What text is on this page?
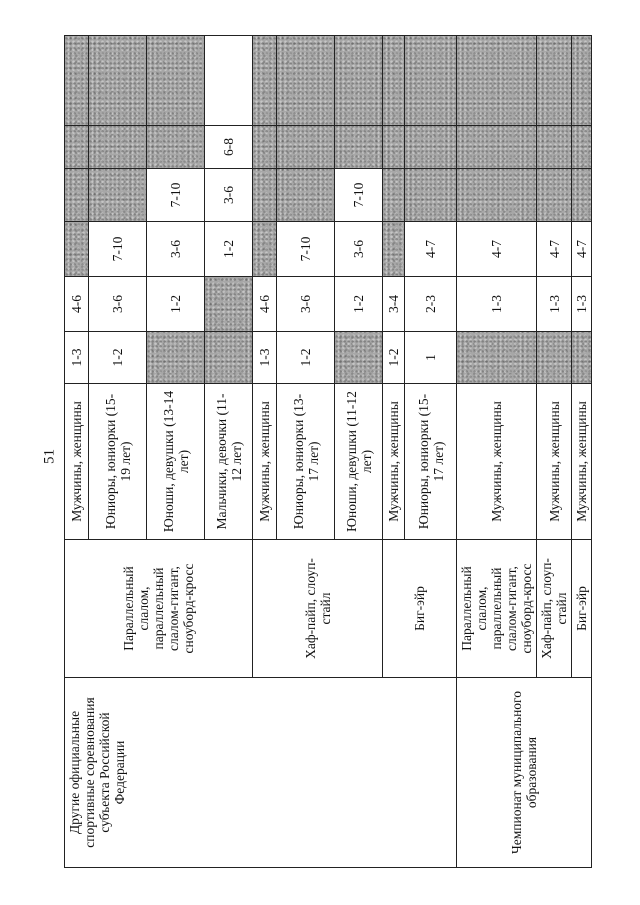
51
Другие официальные спортивные соревнования субъекта Российской Федерации	Параллельный слалом, параллельный слалом-гигант, сноуборд-кросс	Мужчины, женщины	1-3	4-6				
		Юниоры, юниорки (15-19 лет)	1-2	3-6	7-10			
		Юноши, девушки (13-14 лет)		1-2	3-6	7-10		
		Мальчики, девочки (11-12 лет)			1-2	3-6	6-8	
	Хаф-пайп, слоуп-стайл	Мужчины, женщины	1-3	4-6				
		Юниоры, юниорки (13-17 лет)	1-2	3-6	7-10			
		Юноши, девушки (11-12 лет)		1-2	3-6	7-10		
	Биг-эйр	Мужчины, женщины	1-2	3-4				
		Юниоры, юниорки (15-17 лет)	1	2-3	4-7			
Чемпионат муниципального образования	Параллельный слалом, параллельный слалом-гигант, сноуборд-кросс	Мужчины, женщины		1-3	4-7			
	Хаф-пайп, слоуп-стайл	Мужчины, женщины		1-3	4-7			
	Биг-эйр	Мужчины, женщины		1-3	4-7			
